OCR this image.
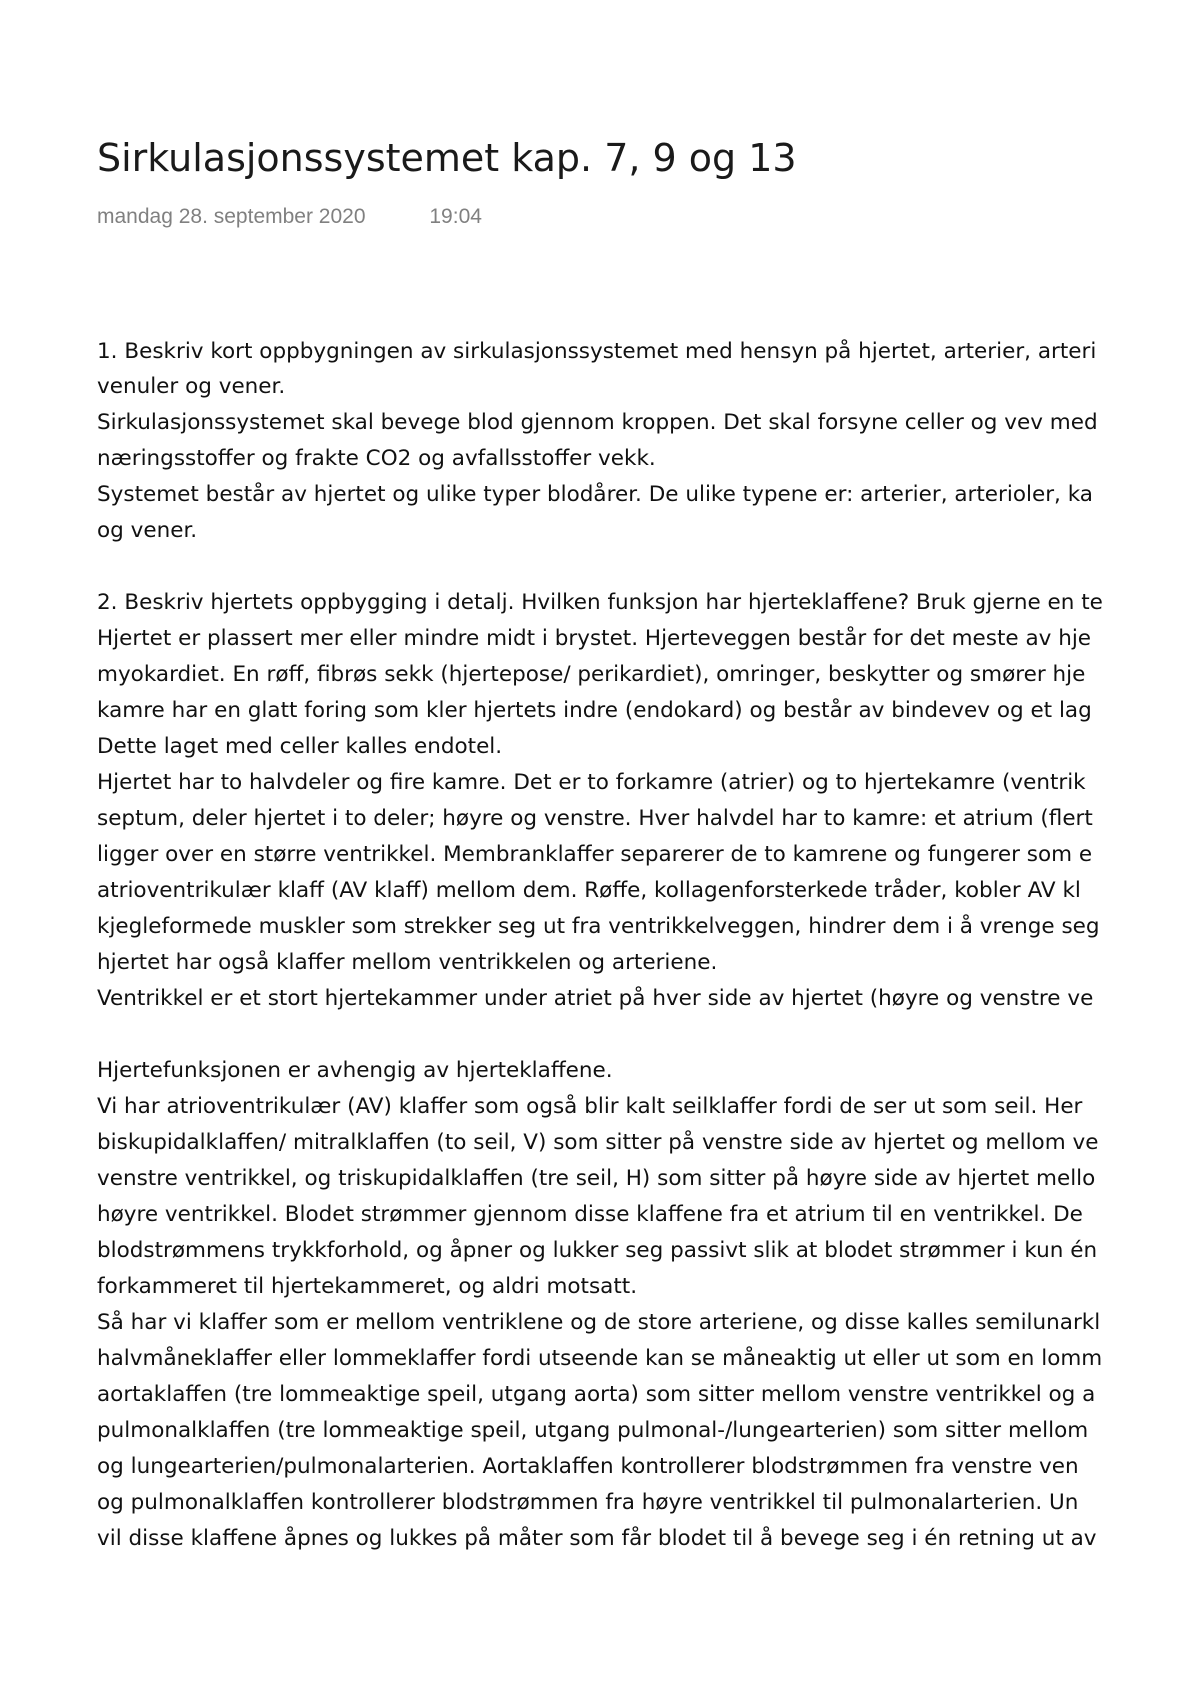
Sirkulasjonssystemet kap. 7, 9 og 13
mandag 28. september 2020	19:04

1. Beskriv kort oppbygningen av sirkulasjonssystemet med hensyn på hjertet, arterier, arteri

venuler og vener.

Sirkulasjonssystemet skal bevege blod gjennom kroppen. Det skal forsyne celler og vev med

næringsstoffer og frakte CO2 og avfallsstoffer vekk.

Systemet består av hjertet og ulike typer blodårer. De ulike typene er: arterier, arterioler, ka

og vener.

2. Beskriv hjertets oppbygging i detalj. Hvilken funksjon har hjerteklaffene? Bruk gjerne en te

Hjertet er plassert mer eller mindre midt i brystet. Hjerteveggen består for det meste av hje

myokardiet. En røff, fibrøs sekk (hjertepose/ perikardiet), omringer, beskytter og smører hje

kamre har en glatt foring som kler hjertets indre (endokard) og består av bindevev og et lag

Dette laget med celler kalles endotel.

Hjertet har to halvdeler og fire kamre. Det er to forkamre (atrier) og to hjertekamre (ventrik

septum, deler hjertet i to deler; høyre og venstre. Hver halvdel har to kamre: et atrium (flert

ligger over en større ventrikkel. Membranklaffer separerer de to kamrene og fungerer som e

atrioventrikulær klaff (AV klaff) mellom dem. Røffe, kollagenforsterkede tråder, kobler AV kl

kjegleformede muskler som strekker seg ut fra ventrikkelveggen, hindrer dem i å vrenge seg

hjertet har også klaffer mellom ventrikkelen og arteriene.

Ventrikkel er et stort hjertekammer under atriet på hver side av hjertet (høyre og venstre ve

Hjertefunksjonen er avhengig av hjerteklaffene.

Vi har atrioventrikulær (AV) klaffer som også blir kalt seilklaffer fordi de ser ut som seil. Her

biskupidalklaffen/ mitralklaffen (to seil, V) som sitter på venstre side av hjertet og mellom ve

venstre ventrikkel, og triskupidalklaffen (tre seil, H) som sitter på høyre side av hjertet mello

høyre ventrikkel. Blodet strømmer gjennom disse klaffene fra et atrium til en ventrikkel. De

blodstrømmens trykkforhold, og åpner og lukker seg passivt slik at blodet strømmer i kun én

forkammeret til hjertekammeret, og aldri motsatt.

Så har vi klaffer som er mellom ventriklene og de store arteriene, og disse kalles semilunarkl

halvmåneklaffer eller lommeklaffer fordi utseende kan se måneaktig ut eller ut som en lomm

aortaklaffen (tre lommeaktige speil, utgang aorta) som sitter mellom venstre ventrikkel og a

pulmonalklaffen (tre lommeaktige speil, utgang pulmonal-/lungearterien) som sitter mellom

og lungearterien/pulmonalarterien. Aortaklaffen kontrollerer blodstrømmen fra venstre ven

og pulmonalklaffen kontrollerer blodstrømmen fra høyre ventrikkel til pulmonalarterien. Un

vil disse klaffene åpnes og lukkes på måter som får blodet til å bevege seg i én retning ut av
